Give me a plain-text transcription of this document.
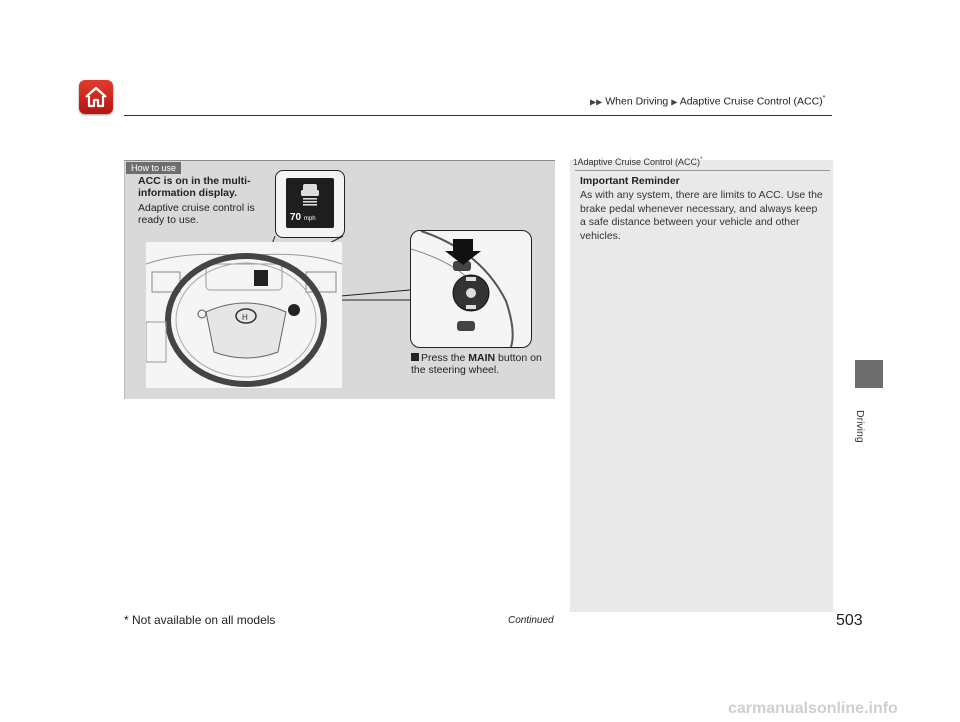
▶▶ When Driving ▶ Adaptive Cruise Control (ACC)*
How to use
ACC is on in the multi-information display.
Adaptive cruise control is ready to use.	70 mph
H
Press the MAIN button on the steering wheel.
1Adaptive Cruise Control (ACC)*
Important Reminder
As with any system, there are limits to ACC. Use the brake pedal whenever necessary, and always keep a safe distance between your vehicle and other vehicles.
Driving
* Not available on all models	Continued	503
carmanualsonline.info
